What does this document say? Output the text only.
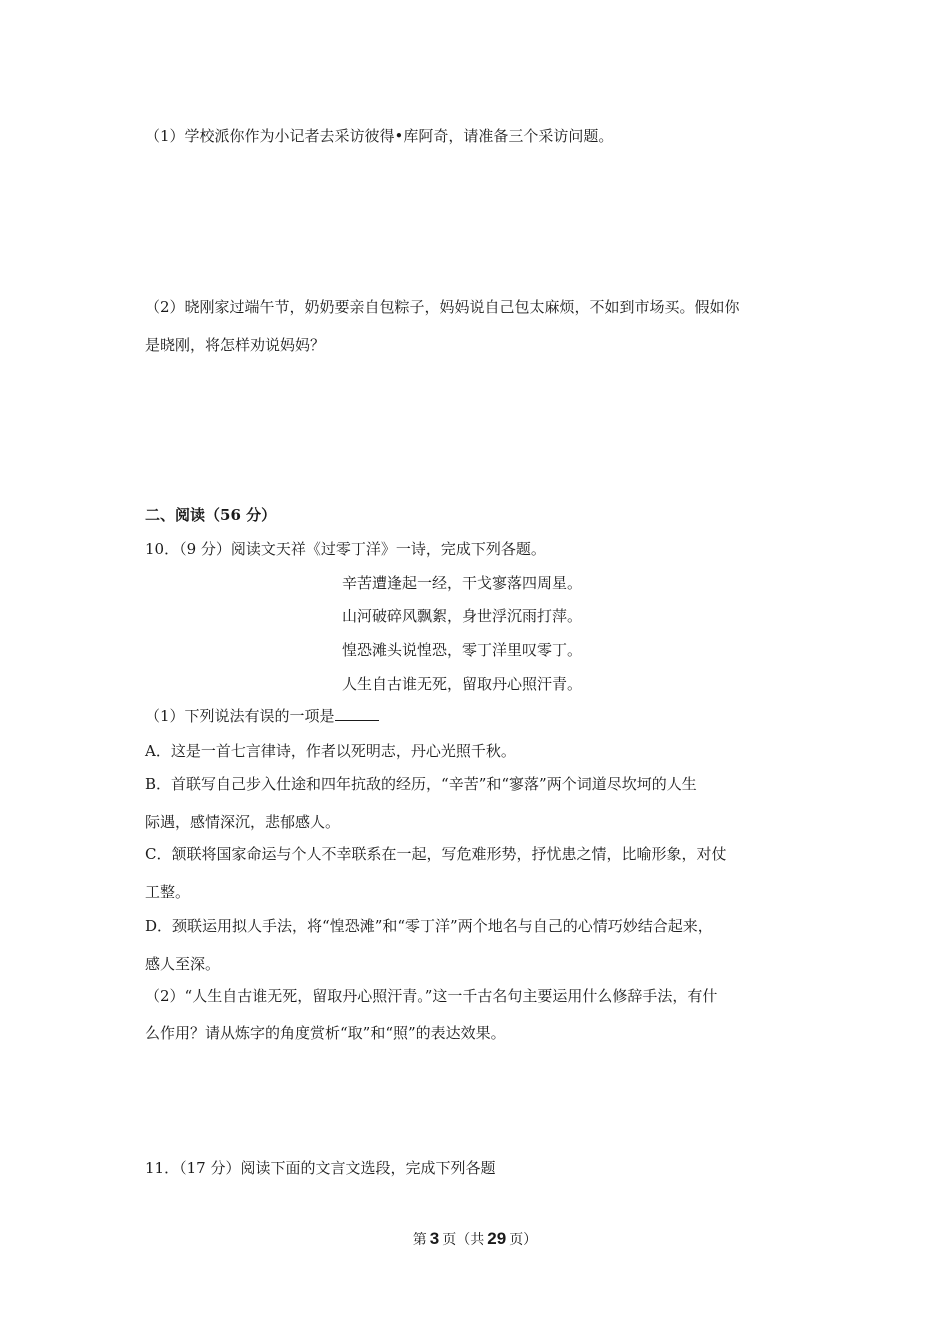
（1）学校派你作为小记者去采访彼得•库阿奇，请准备三个采访问题。
（2）晓刚家过端午节，奶奶要亲自包粽子，妈妈说自己包太麻烦，不如到市场买。假如你
是晓刚，将怎样劝说妈妈？
二、阅读（56 分）
10．（9 分）阅读文天祥《过零丁洋》一诗，完成下列各题。
辛苦遭逢起一经，干戈寥落四周星。
山河破碎风飘絮，身世浮沉雨打萍。
惶恐滩头说惶恐，零丁洋里叹零丁。
人生自古谁无死，留取丹心照汗青。
（1）下列说法有误的一项是
A．这是一首七言律诗，作者以死明志，丹心光照千秋。
B．首联写自己步入仕途和四年抗敌的经历，“辛苦”和“寥落”两个词道尽坎坷的人生
际遇，感情深沉，悲郁感人。
C．颔联将国家命运与个人不幸联系在一起，写危难形势，抒忧患之情，比喻形象，对仗
工整。
D．颈联运用拟人手法，将“惶恐滩”和“零丁洋”两个地名与自己的心情巧妙结合起来，
感人至深。
（2）“人生自古谁无死，留取丹心照汗青。”这一千古名句主要运用什么修辞手法，有什
么作用？请从炼字的角度赏析“取”和“照”的表达效果。
11．（17 分）阅读下面的文言文选段，完成下列各题
第 3 页（共 29 页）
